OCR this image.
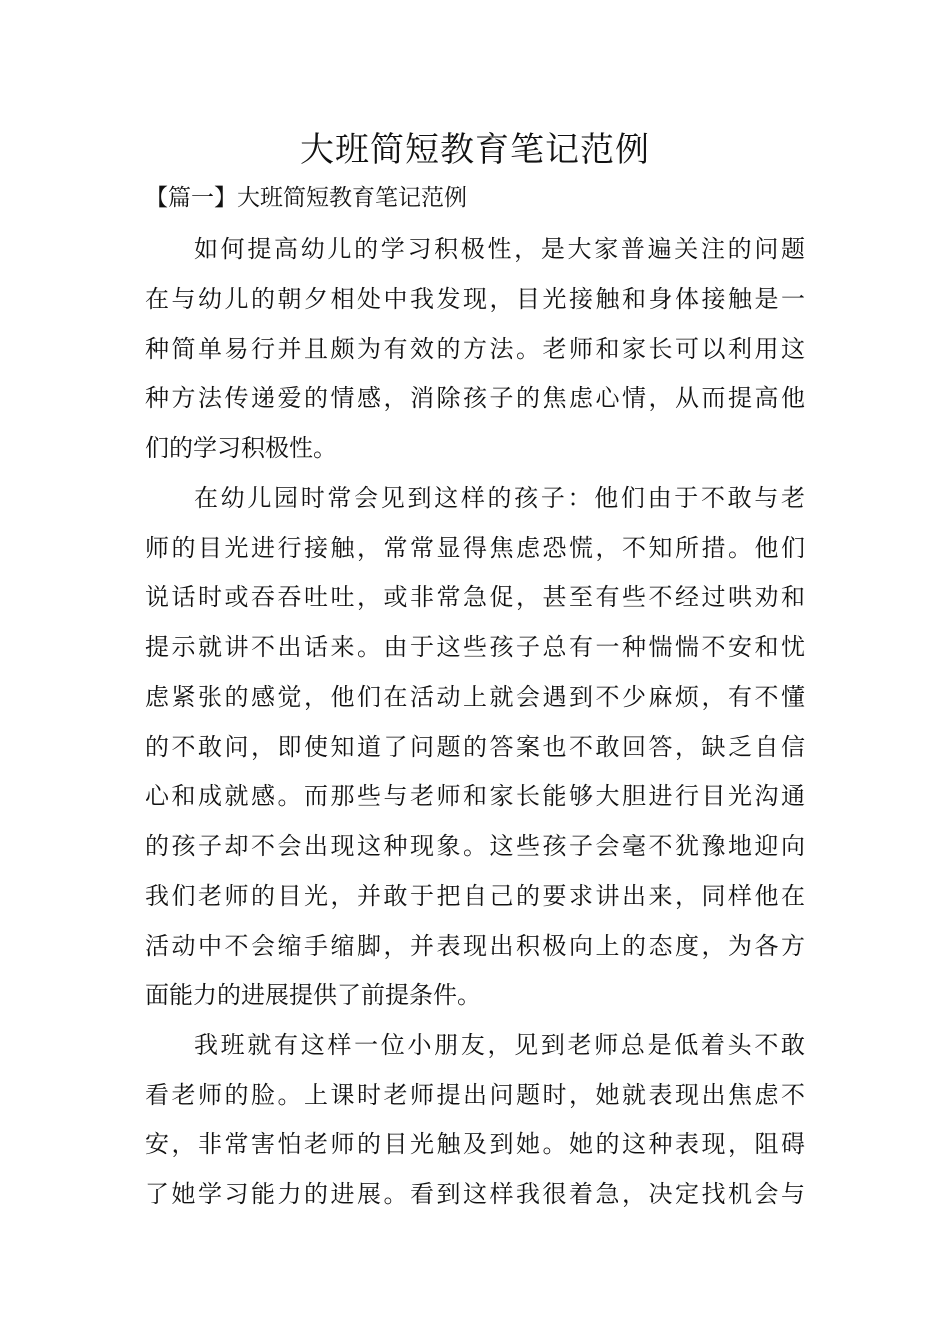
大班简短教育笔记范例
【篇一】大班简短教育笔记范例

如何提高幼儿的学习积极性，是大家普遍关注的问题

在与幼儿的朝夕相处中我发现，目光接触和身体接触是一

种简单易行并且颇为有效的方法。老师和家长可以利用这

种方法传递爱的情感，消除孩子的焦虑心情，从而提高他

们的学习积极性。

在幼儿园时常会见到这样的孩子：他们由于不敢与老

师的目光进行接触，常常显得焦虑恐慌，不知所措。他们

说话时或吞吞吐吐，或非常急促，甚至有些不经过哄劝和

提示就讲不出话来。由于这些孩子总有一种惴惴不安和忧

虑紧张的感觉，他们在活动上就会遇到不少麻烦，有不懂

的不敢问，即使知道了问题的答案也不敢回答，缺乏自信

心和成就感。而那些与老师和家长能够大胆进行目光沟通

的孩子却不会出现这种现象。这些孩子会毫不犹豫地迎向

我们老师的目光，并敢于把自己的要求讲出来，同样他在

活动中不会缩手缩脚，并表现出积极向上的态度，为各方

面能力的进展提供了前提条件。

我班就有这样一位小朋友，见到老师总是低着头不敢

看老师的脸。上课时老师提出问题时，她就表现出焦虑不

安，非常害怕老师的目光触及到她。她的这种表现，阻碍

了她学习能力的进展。看到这样我很着急，决定找机会与
